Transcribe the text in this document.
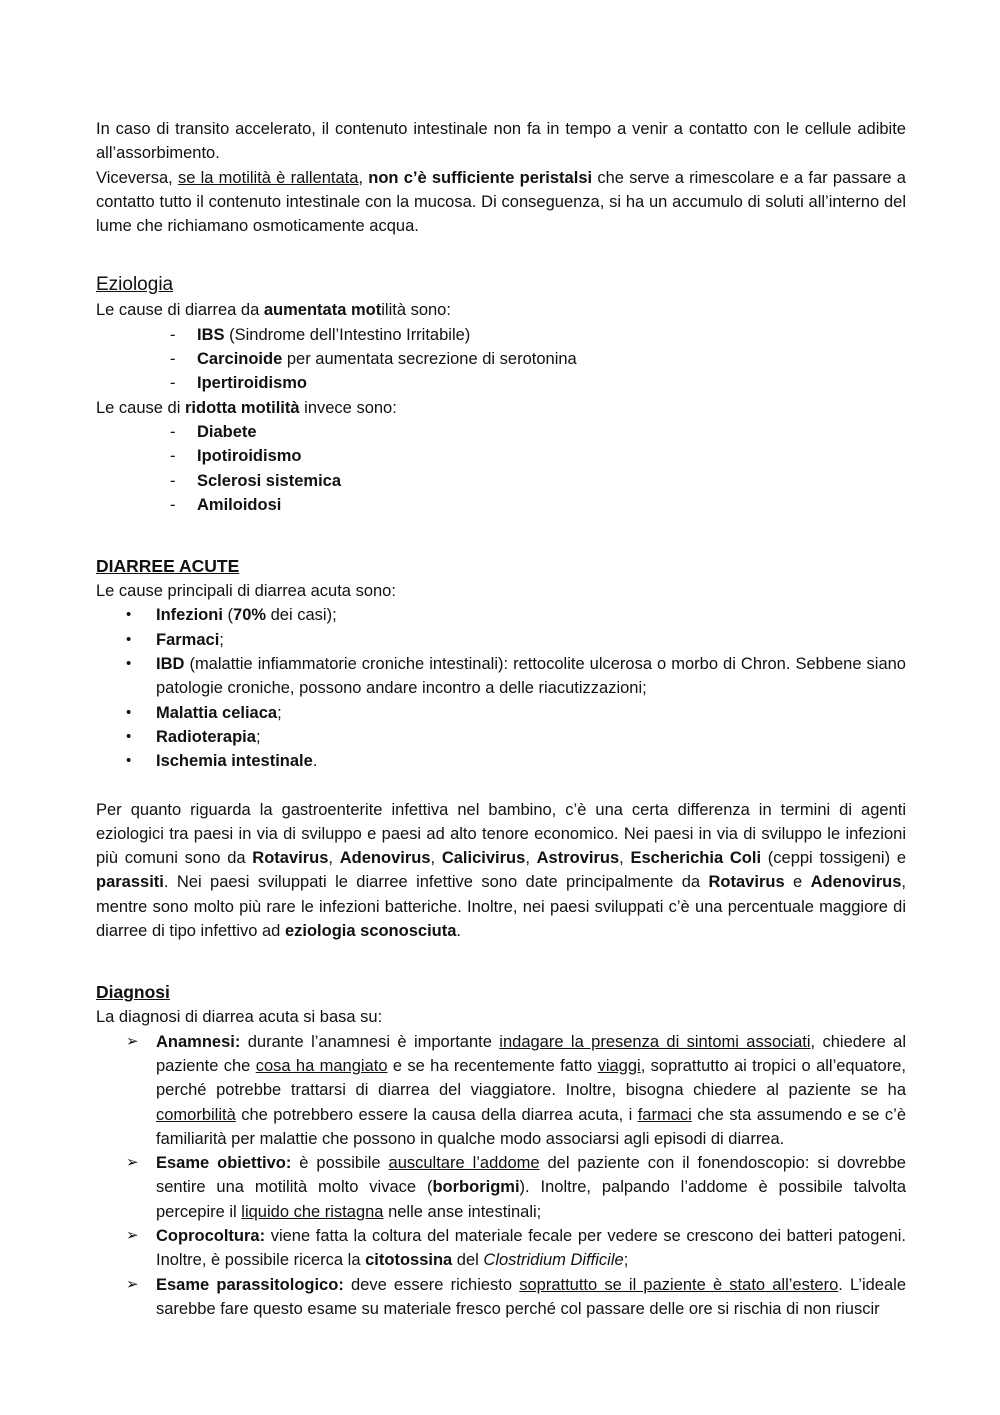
In caso di transito accelerato, il contenuto intestinale non fa in tempo a venir a contatto con le cellule adibite all’assorbimento.

Viceversa, se la motilità è rallentata, non c’è sufficiente peristalsi che serve a rimescolare e a far passare a contatto tutto il contenuto intestinale con la mucosa. Di conseguenza, si ha un accumulo di soluti all’interno del lume che richiamano osmoticamente acqua.

Eziologia

Le cause di diarrea da aumentata motilità sono:

- IBS (Sindrome dell’Intestino Irritabile)
- Carcinoide per aumentata secrezione di serotonina
- Ipertiroidismo

Le cause di ridotta motilità invece sono:

- Diabete
- Ipotiroidismo
- Sclerosi sistemica
- Amiloidosi
DIARREE ACUTE

Le cause principali di diarrea acuta sono:

• Infezioni (70% dei casi);
• Farmaci;
• IBD (malattie infiammatorie croniche intestinali): rettocolite ulcerosa o morbo di Chron. Sebbene siano patologie croniche, possono andare incontro a delle riacutizzazioni;
• Malattia celiaca;
• Radioterapia;
• Ischemia intestinale.

Per quanto riguarda la gastroenterite infettiva nel bambino, c’è una certa differenza in termini di agenti eziologici tra paesi in via di sviluppo e paesi ad alto tenore economico. Nei paesi in via di sviluppo le infezioni più comuni sono da Rotavirus, Adenovirus, Calicivirus, Astrovirus, Escherichia Coli (ceppi tossigeni) e parassiti. Nei paesi sviluppati le diarree infettive sono date principalmente da Rotavirus e Adenovirus, mentre sono molto più rare le infezioni batteriche. Inoltre, nei paesi sviluppati c’è una percentuale maggiore di diarree di tipo infettivo ad eziologia sconosciuta.

Diagnosi

La diagnosi di diarrea acuta si basa su:

➢ Anamnesi: durante l’anamnesi è importante indagare la presenza di sintomi associati, chiedere al paziente che cosa ha mangiato e se ha recentemente fatto viaggi, soprattutto ai tropici o all’equatore, perché potrebbe trattarsi di diarrea del viaggiatore. Inoltre, bisogna chiedere al paziente se ha comorbilità che potrebbero essere la causa della diarrea acuta, i farmaci che sta assumendo e se c’è familiarità per malattie che possono in qualche modo associarsi agli episodi di diarrea.
➢ Esame obiettivo: è possibile auscultare l’addome del paziente con il fonendoscopio: si dovrebbe sentire una motilità molto vivace (borborigmi). Inoltre, palpando l’addome è possibile talvolta percepire il liquido che ristagna nelle anse intestinali;
➢ Coprocoltura: viene fatta la coltura del materiale fecale per vedere se crescono dei batteri patogeni. Inoltre, è possibile ricerca la citotossina del Clostridium Difficile;
➢ Esame parassitologico: deve essere richiesto soprattutto se il paziente è stato all’estero. L’ideale sarebbe fare questo esame su materiale fresco perché col passare delle ore si rischia di non riuscir
